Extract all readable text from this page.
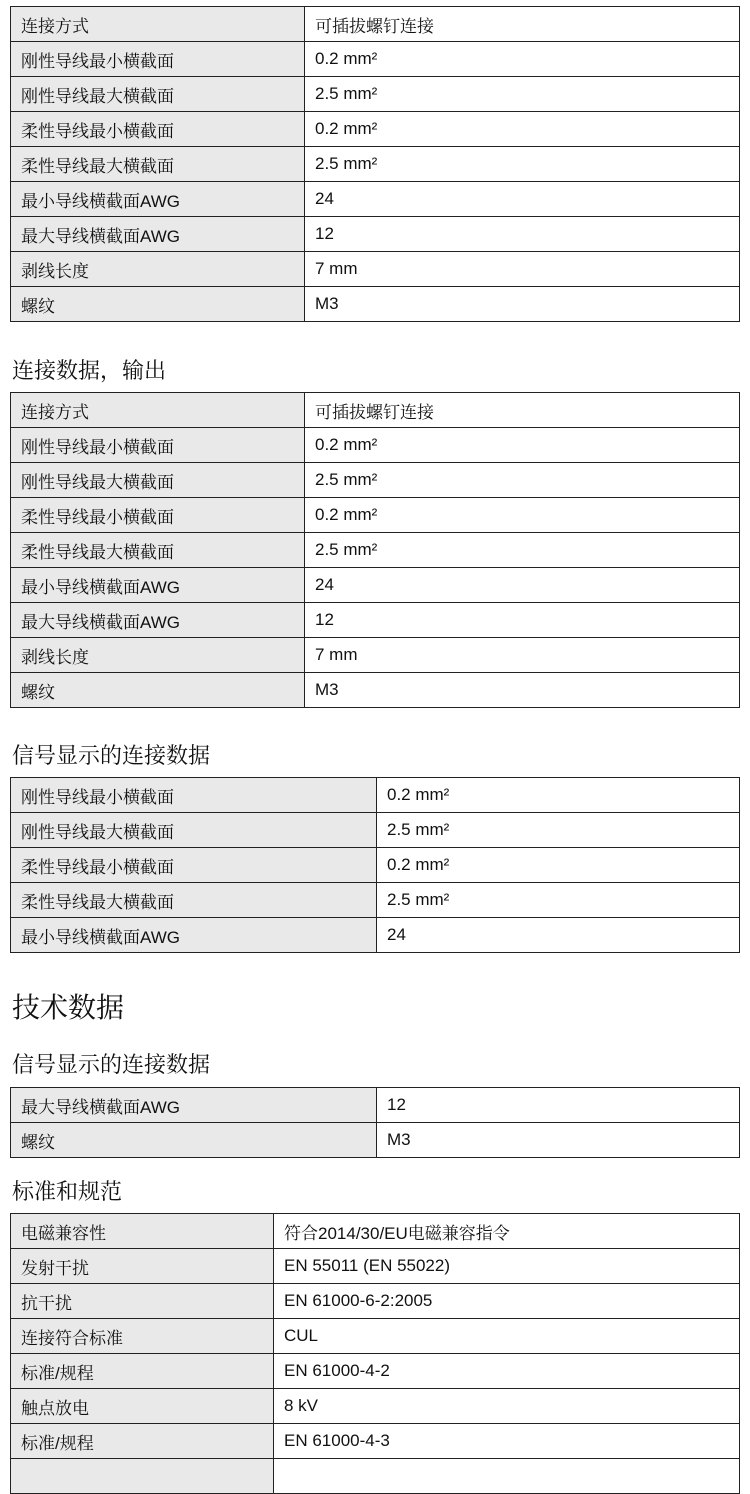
连接方式	可插拔螺钉连接
刚性导线最小横截面	0.2 mm²
刚性导线最大横截面	2.5 mm²
柔性导线最小横截面	0.2 mm²
柔性导线最大横截面	2.5 mm²
最小导线横截面AWG	24
最大导线横截面AWG	12
剥线长度	7 mm
螺纹	M3
连接数据，输出
连接方式	可插拔螺钉连接
刚性导线最小横截面	0.2 mm²
刚性导线最大横截面	2.5 mm²
柔性导线最小横截面	0.2 mm²
柔性导线最大横截面	2.5 mm²
最小导线横截面AWG	24
最大导线横截面AWG	12
剥线长度	7 mm
螺纹	M3
信号显示的连接数据
刚性导线最小横截面	0.2 mm²
刚性导线最大横截面	2.5 mm²
柔性导线最小横截面	0.2 mm²
柔性导线最大横截面	2.5 mm²
最小导线横截面AWG	24
技术数据
信号显示的连接数据
最大导线横截面AWG	12
螺纹	M3
标准和规范
电磁兼容性	符合2014/30/EU电磁兼容指令
发射干扰	EN 55011 (EN 55022)
抗干扰	EN 61000-6-2:2005
连接符合标准	CUL
标准/规程	EN 61000-4-2
触点放电	8 kV
标准/规程	EN 61000-4-3
